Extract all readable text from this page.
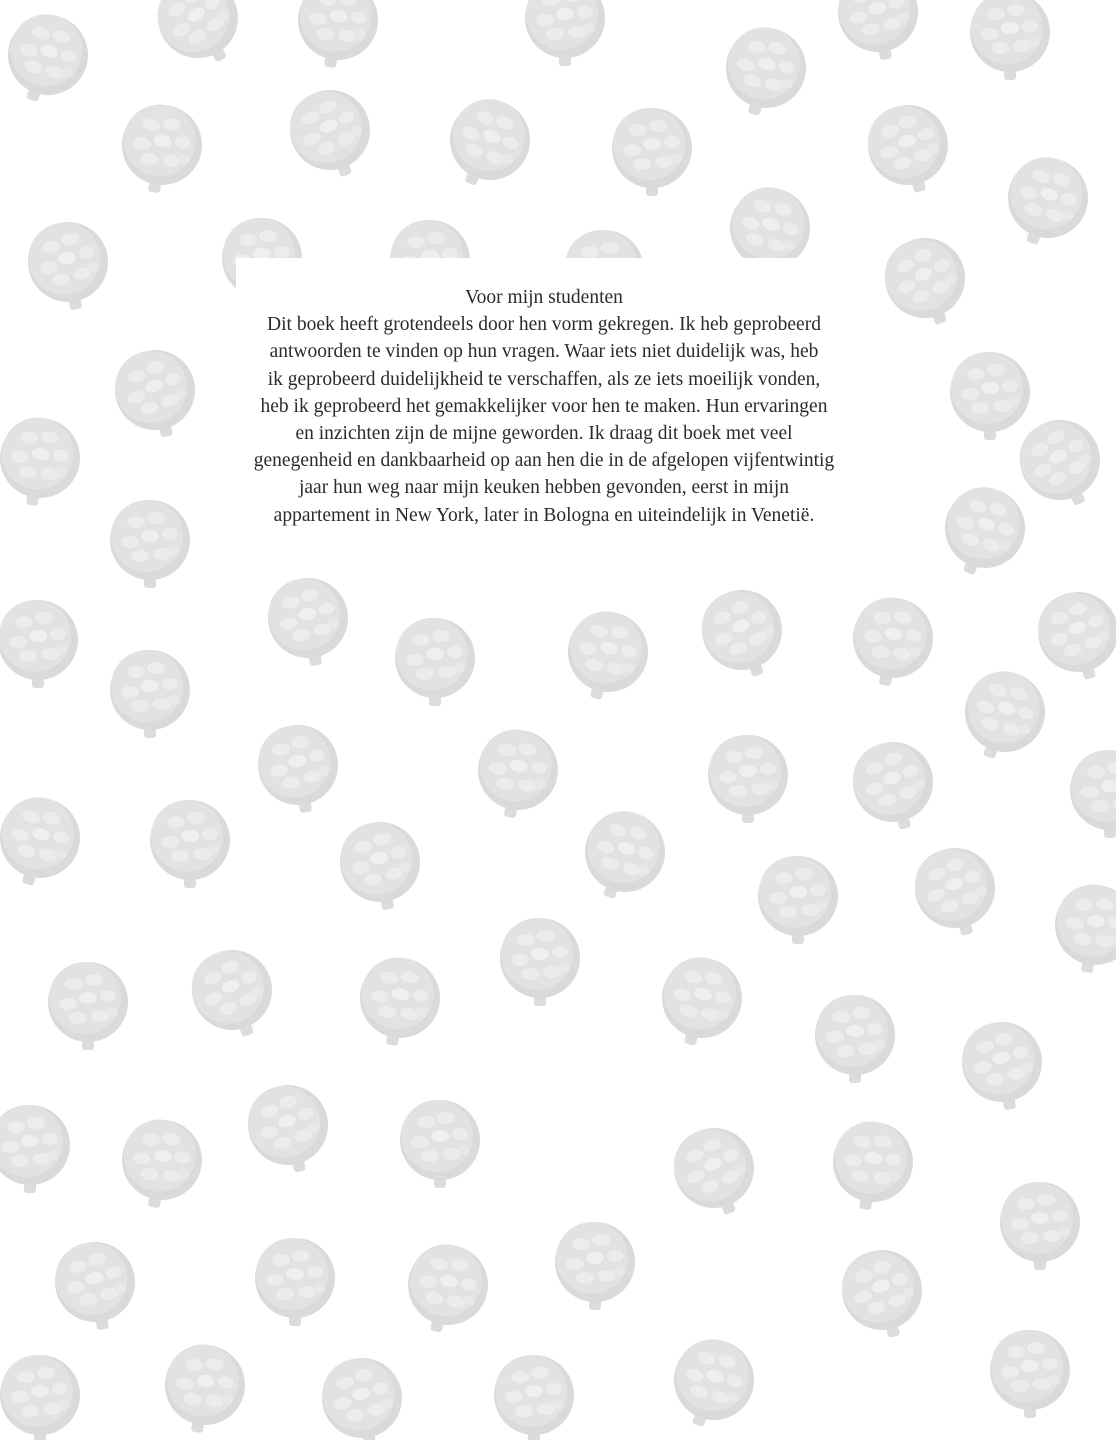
Voor mijn studenten
Dit boek heeft grotendeels door hen vorm gekregen. Ik heb geprobeerd
antwoorden te vinden op hun vragen. Waar iets niet duidelijk was, heb
ik geprobeerd duidelijkheid te verschaffen, als ze iets moeilijk vonden,
heb ik geprobeerd het gemakkelijker voor hen te maken. Hun ervaringen
en inzichten zijn de mijne geworden. Ik draag dit boek met veel
genegenheid en dankbaarheid op aan hen die in de afgelopen vijfentwintig
jaar hun weg naar mijn keuken hebben gevonden, eerst in mijn
appartement in New York, later in Bologna en uiteindelijk in Venetië.
